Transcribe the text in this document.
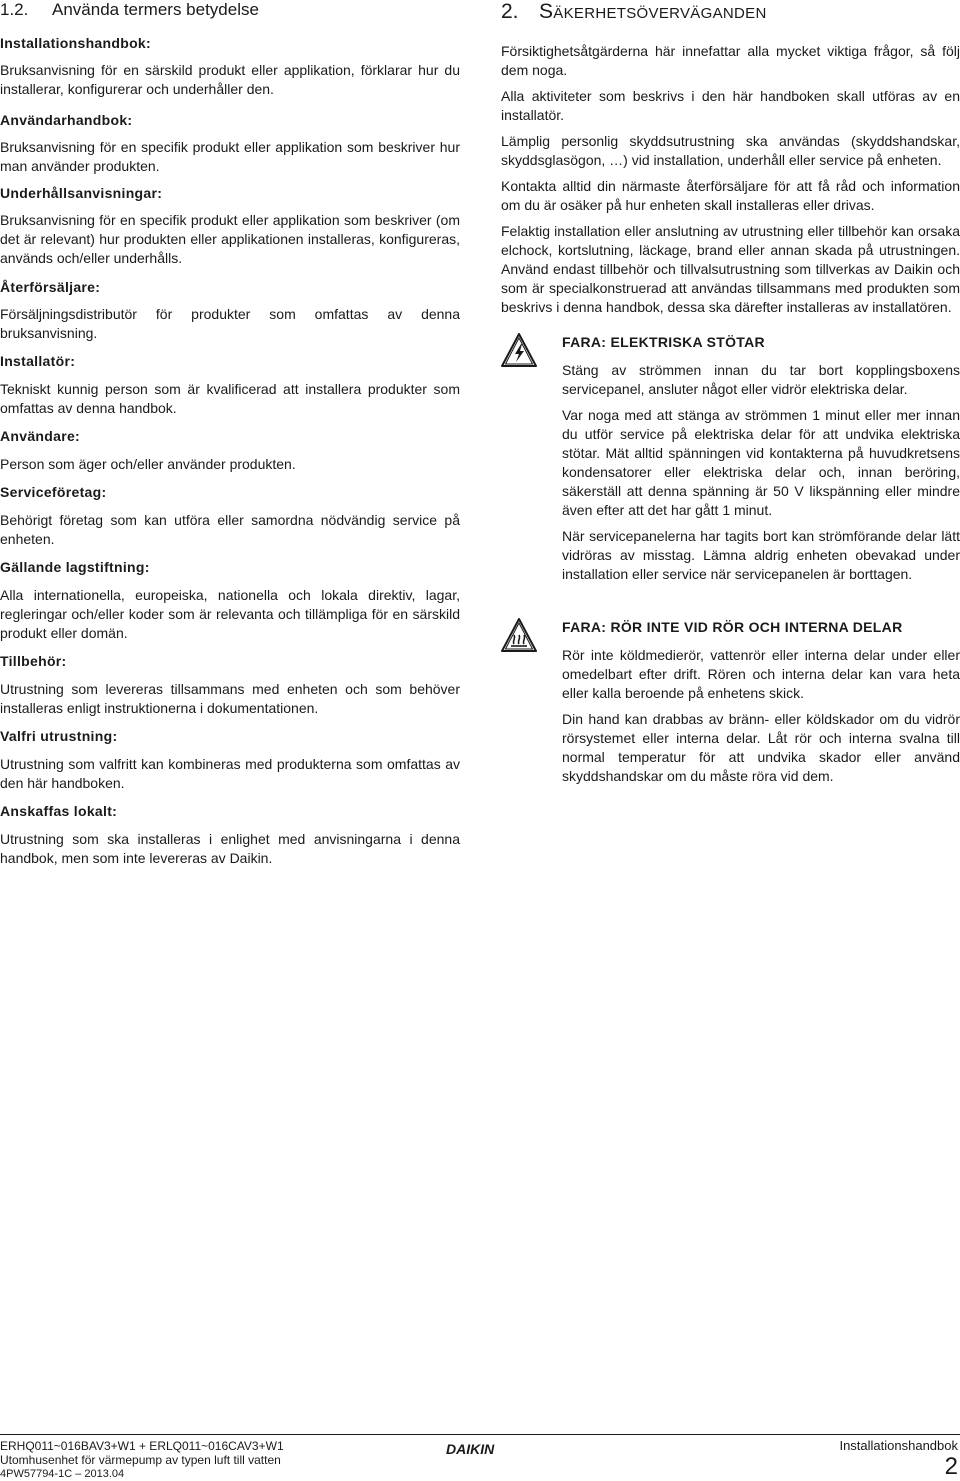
1.2. Använda termers betydelse

Installationshandbok:

Bruksanvisning för en särskild produkt eller applikation, förklarar hur du installerar, konfigurerar och underhåller den.

Användarhandbok:

Bruksanvisning för en specifik produkt eller applikation som beskriver hur man använder produkten.

Underhållsanvisningar:

Bruksanvisning för en specifik produkt eller applikation som beskriver (om det är relevant) hur produkten eller applikationen installeras, konfigureras, används och/eller underhålls.

Återförsäljare:

Försäljningsdistributör för produkter som omfattas av denna bruksanvisning.

Installatör:

Tekniskt kunnig person som är kvalificerad att installera produkter som omfattas av denna handbok.

Användare:

Person som äger och/eller använder produkten.

Serviceföretag:

Behörigt företag som kan utföra eller samordna nödvändig service på enheten.

Gällande lagstiftning:

Alla internationella, europeiska, nationella och lokala direktiv, lagar, regleringar och/eller koder som är relevanta och tillämpliga för en särskild produkt eller domän.

Tillbehör:

Utrustning som levereras tillsammans med enheten och som behöver installeras enligt instruktionerna i dokumentationen.

Valfri utrustning:

Utrustning som valfritt kan kombineras med produkterna som omfattas av den här handboken.

Anskaffas lokalt:

Utrustning som ska installeras i enlighet med anvisningarna i denna handbok, men som inte levereras av Daikin.

2. Säkerhetsöverväganden

Försiktighetsåtgärderna här innefattar alla mycket viktiga frågor, så följ dem noga.

Alla aktiviteter som beskrivs i den här handboken skall utföras av en installatör.

Lämplig personlig skyddsutrustning ska användas (skyddshandskar, skyddsglasögon, …) vid installation, underhåll eller service på enheten.

Kontakta alltid din närmaste återförsäljare för att få råd och information om du är osäker på hur enheten skall installeras eller drivas.

Felaktig installation eller anslutning av utrustning eller tillbehör kan orsaka elchock, kortslutning, läckage, brand eller annan skada på utrustningen. Använd endast tillbehör och tillvalsutrustning som tillverkas av Daikin och som är specialkonstruerad att användas tillsammans med produkten som beskrivs i denna handbok, dessa ska därefter installeras av installatören.

FARA: ELEKTRISKA STÖTAR

Stäng av strömmen innan du tar bort kopplingsboxens servicepanel, ansluter något eller vidrör elektriska delar.

Var noga med att stänga av strömmen 1 minut eller mer innan du utför service på elektriska delar för att undvika elektriska stötar. Mät alltid spänningen vid kontakterna på huvudkretsens kondensatorer eller elektriska delar och, innan beröring, säkerställ att denna spänning är 50 V likspänning eller mindre även efter att det har gått 1 minut.

När servicepanelerna har tagits bort kan strömförande delar lätt vidröras av misstag. Lämna aldrig enheten obevakad under installation eller service när servicepanelen är borttagen.

FARA: RÖR INTE VID RÖR OCH INTERNA DELAR

Rör inte köldmedierör, vattenrör eller interna delar under eller omedelbart efter drift. Rören och interna delar kan vara heta eller kalla beroende på enhetens skick.

Din hand kan drabbas av bränn- eller köldskador om du vidrör rörsystemet eller interna delar. Låt rör och interna svalna till normal temperatur för att undvika skador eller använd skyddshandskar om du måste röra vid dem.

ERHQ011~016BAV3+W1 + ERLQ011~016CAV3+W1
Utomhusenhet för värmepump av typen luft till vatten
4PW57794-1C – 2013.04
DAIKIN	Installationshandbok
2
